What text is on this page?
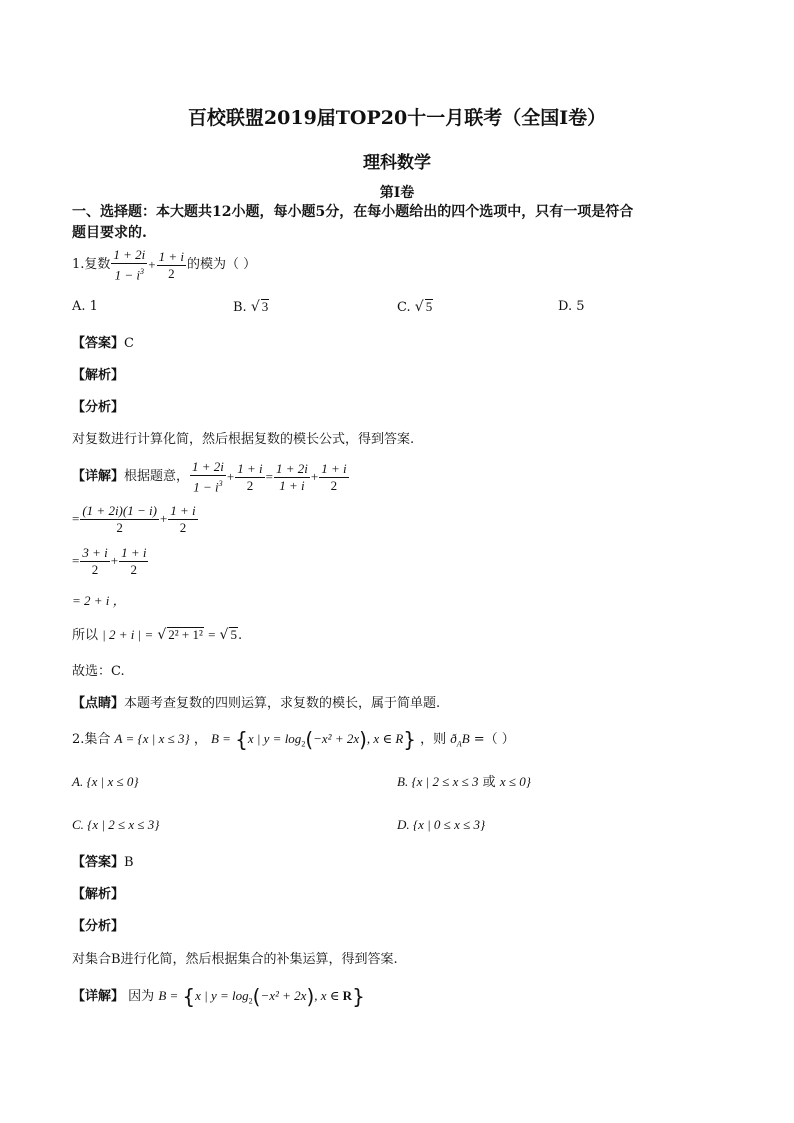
百校联盟2019届TOP20十一月联考（全国I卷）
理科数学
第I卷
一、选择题：本大题共12小题，每小题5分，在每小题给出的四个选项中，只有一项是符合
题目要求的.
1.复数 $\frac{1 + 2i}{1 - i^3} + \frac{1 + i}{2}$ 的模为（ ）
A. 1	B. √ 3	C. √ 5	D. 5
【答案】C
【解析】
【分析】
对复数进行计算化简，然后根据复数的模长公式，得到答案.
【详解】 根据题意， $\frac{1 + 2i}{1 - i^3} + \frac{1 + i}{2} = \frac{1 + 2i}{1 + i} + \frac{1 + i}{2}$
= $\frac{(1 + 2i)(1 - i)}{2} + \frac{1 + i}{2}$
= $\frac{3 + i}{2} + \frac{1 + i}{2}$
= 2 + i ，
所以 | 2 + i | = √ 2² + 1² = √ 5.
故选：C.
【点睛】本题考查复数的四则运算，求复数的模长，属于简单题.
2.集合 A = {x | x ≤ 3} ， B = {x | $y = \log_2(-x^2 + 2x)$, x ∈ R} ，则 $ð_AB$ =（ ）
A. {x | x ≤ 0}	B. {x | 2 ≤ x ≤ 3 或 x ≤ 0}
C. {x | 2 ≤ x ≤ 3}	D. {x | 0 ≤ x ≤ 3}
【答案】B
【解析】
【分析】
对集合B进行化简，然后根据集合的补集运算，得到答案.
【详解】 因为 B = {x | $y = \log_2(-x^2 + 2x)$, x ∈ R}
